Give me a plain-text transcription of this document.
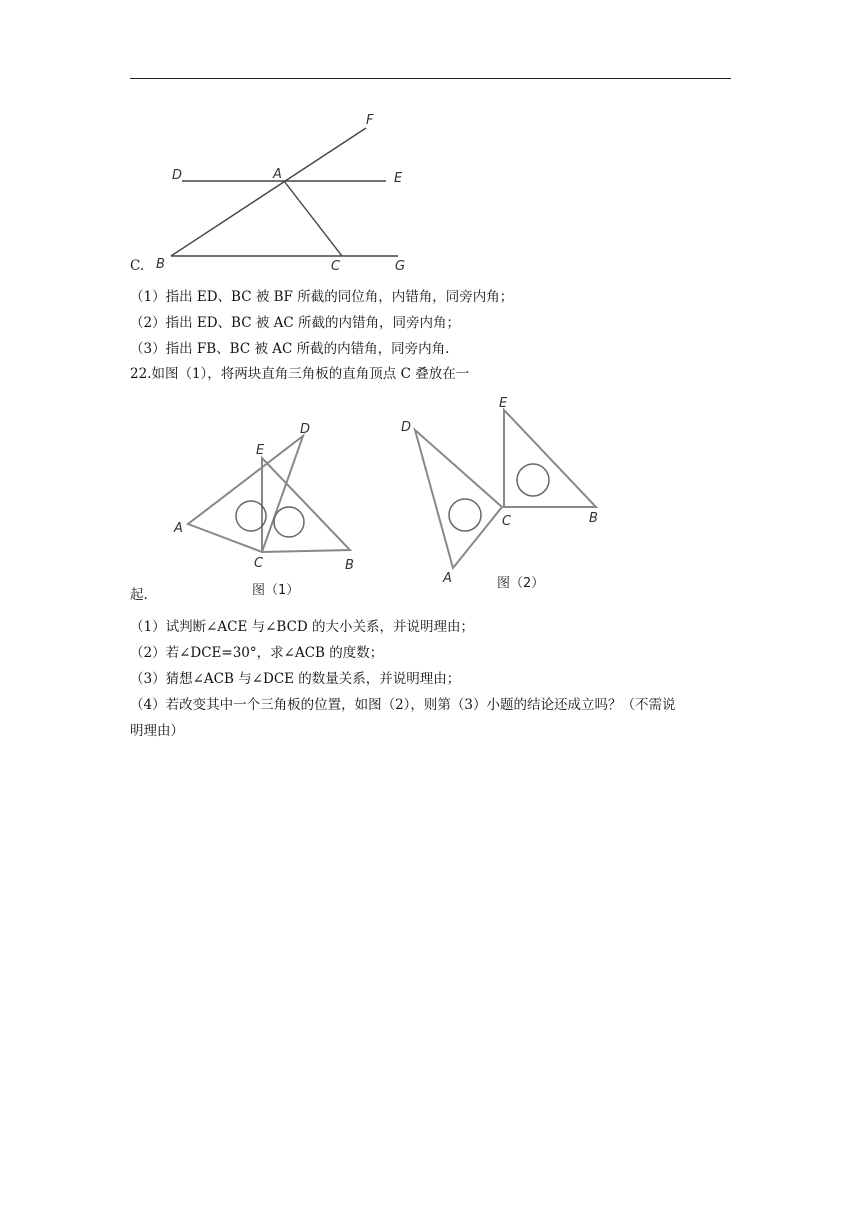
C.
F
D	A	E
B	C	G
（1）指出 ED、BC 被 BF 所截的同位角，内错角，同旁内角；
（2）指出 ED、BC 被 AC 所截的内错角，同旁内角；
（3）指出 FB、BC 被 AC 所截的内错角，同旁内角.
22.如图（1），将两块直角三角板的直角顶点 C 叠放在一
A
B
C
D
E
图（1）
D
A
C	B
E
图（2）
起.
（1）试判断∠ACE 与∠BCD 的大小关系，并说明理由；
（2）若∠DCE=30°，求∠ACB 的度数；
（3）猜想∠ACB 与∠DCE 的数量关系，并说明理由；
（4）若改变其中一个三角板的位置，如图（2），则第（3）小题的结论还成立吗？（不需说
明理由）
